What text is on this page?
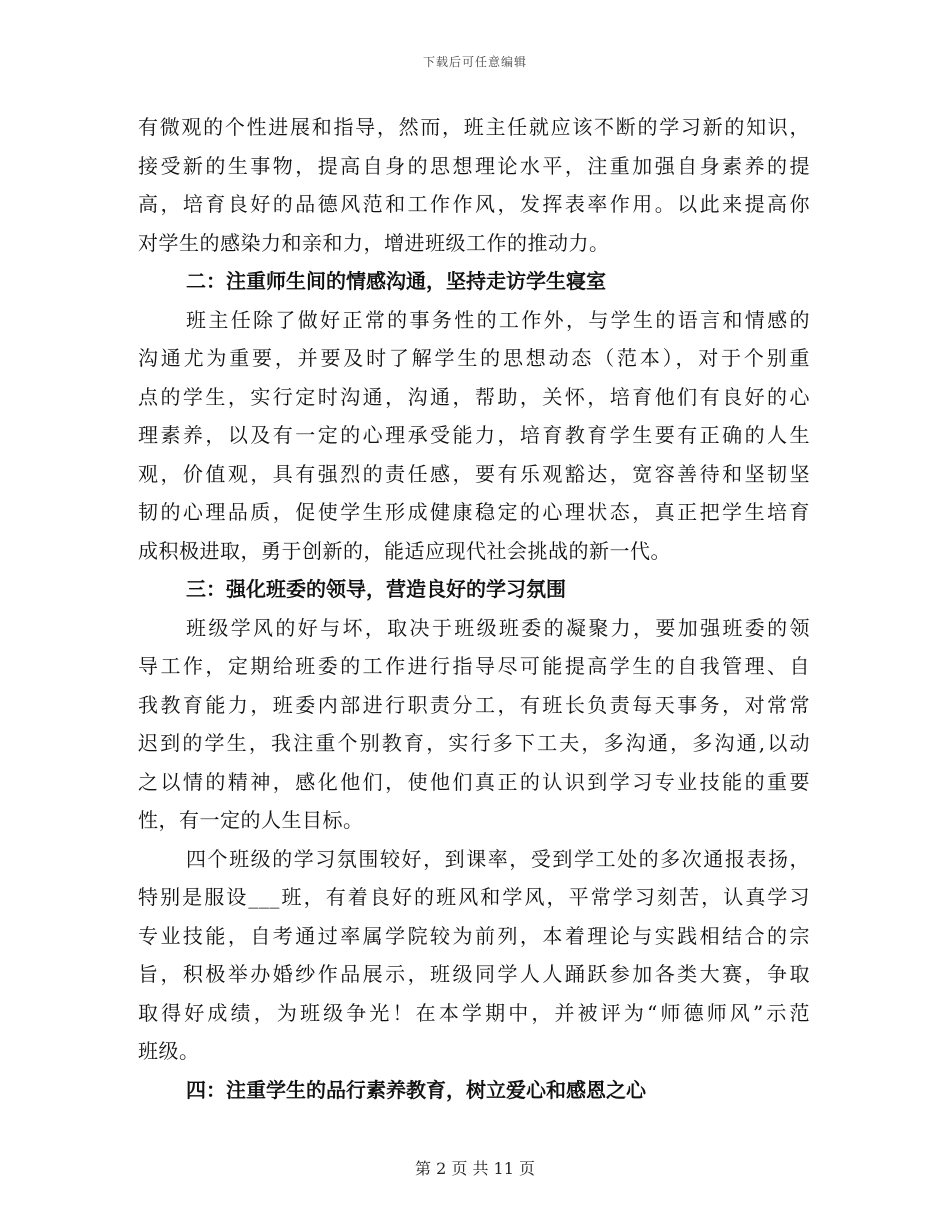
下载后可任意编辑
有微观的个性进展和指导，然而，班主任就应该不断的学习新的知识，
接受新的生事物，提高自身的思想理论水平，注重加强自身素养的提
高，培育良好的品德风范和工作作风，发挥表率作用。以此来提高你
对学生的感染力和亲和力，增进班级工作的推动力。
二：注重师生间的情感沟通，坚持走访学生寝室
班主任除了做好正常的事务性的工作外，与学生的语言和情感的
沟通尤为重要，并要及时了解学生的思想动态（范本），对于个别重
点的学生，实行定时沟通，沟通，帮助，关怀，培育他们有良好的心
理素养，以及有一定的心理承受能力，培育教育学生要有正确的人生
观，价值观，具有强烈的责任感，要有乐观豁达，宽容善待和坚韧坚
韧的心理品质，促使学生形成健康稳定的心理状态，真正把学生培育
成积极进取，勇于创新的，能适应现代社会挑战的新一代。
三：强化班委的领导，营造良好的学习氛围
班级学风的好与坏，取决于班级班委的凝聚力，要加强班委的领
导工作，定期给班委的工作进行指导尽可能提高学生的自我管理、自
我教育能力，班委内部进行职责分工，有班长负责每天事务，对常常
迟到的学生，我注重个别教育，实行多下工夫，多沟通，多沟通,以动
之以情的精神，感化他们，使他们真正的认识到学习专业技能的重要
性，有一定的人生目标。
四个班级的学习氛围较好，到课率，受到学工处的多次通报表扬，
特别是服设___班，有着良好的班风和学风，平常学习刻苦，认真学习
专业技能，自考通过率属学院较为前列，本着理论与实践相结合的宗
旨，积极举办婚纱作品展示，班级同学人人踊跃参加各类大赛，争取
取得好成绩，为班级争光！在本学期中，并被评为“师德师风”示范
班级。
四：注重学生的品行素养教育，树立爱心和感恩之心
第 2 页 共 11 页
